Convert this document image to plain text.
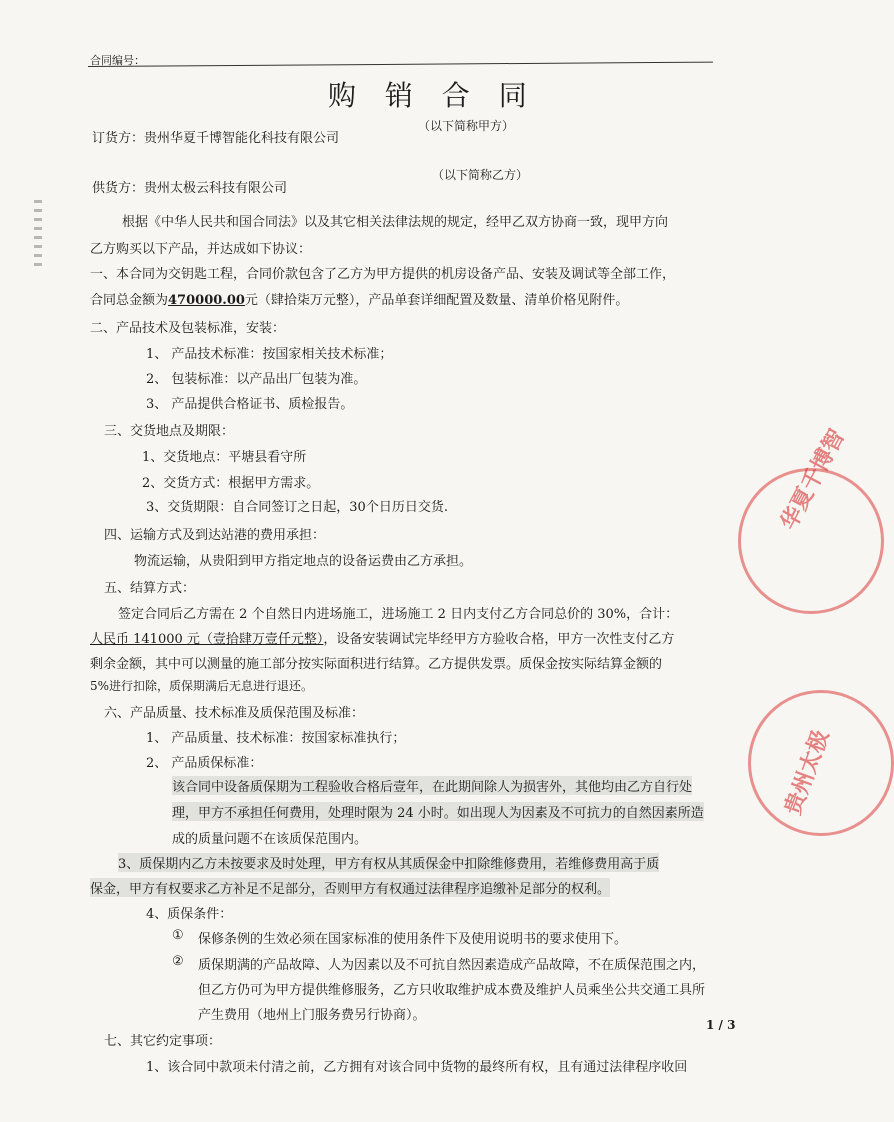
合同编号：
购 销 合 同
订货方： 贵州华夏千博智能化科技有限公司
（以下简称甲方）
供货方： 贵州太极云科技有限公司
（以下简称乙方）
根据《中华人民共和国合同法》以及其它相关法律法规的规定，经甲乙双方协商一致，现甲方向
乙方购买以下产品，并达成如下协议：
一、本合同为交钥匙工程，合同价款包含了乙方为甲方提供的机房设备产品、安装及调试等全部工作，
合同总金额为470000.00元（肆拾柒万元整），产品单套详细配置及数量、清单价格见附件。
二、产品技术及包装标准，安装：
1、 产品技术标准：按国家相关技术标准；
2、 包装标准：以产品出厂包装为准。
3、 产品提供合格证书、质检报告。
三、交货地点及期限：
1、交货地点：平塘县看守所
2、交货方式：根据甲方需求。
3、交货期限：自合同签订之日起，30个日历日交货.
四、运输方式及到达站港的费用承担：
物流运输，从贵阳到甲方指定地点的设备运费由乙方承担。
五、结算方式：
签定合同后乙方需在 2 个自然日内进场施工，进场施工 2 日内支付乙方合同总价的 30%，合计：
人民币 141000 元（壹拾肆万壹仟元整），设备安装调试完毕经甲方方验收合格，甲方一次性支付乙方
剩余金额，其中可以测量的施工部分按实际面积进行结算。乙方提供发票。质保金按实际结算金额的
5%进行扣除，质保期满后无息进行退还。
六、产品质量、技术标准及质保范围及标准：
1、 产品质量、技术标准：按国家标准执行；
2、 产品质保标准：
该合同中设备质保期为工程验收合格后壹年，在此期间除人为损害外，其他均由乙方自行处
理，甲方不承担任何费用，处理时限为 24 小时。如出现人为因素及不可抗力的自然因素所造
成的质量问题不在该质保范围内。
3、质保期内乙方未按要求及时处理，甲方有权从其质保金中扣除维修费用，若维修费用高于质
保金，甲方有权要求乙方补足不足部分，否则甲方有权通过法律程序追缴补足部分的权利。
4、质保条件：
① 保修条例的生效必须在国家标准的使用条件下及使用说明书的要求使用下。
② 质保期满的产品故障、人为因素以及不可抗自然因素造成产品故障，不在质保范围之内，
但乙方仍可为甲方提供维修服务，乙方只收取维护成本费及维护人员乘坐公共交通工具所
产生费用（地州上门服务费另行协商）。
七、其它约定事项：
1、该合同中款项未付清之前，乙方拥有对该合同中货物的最终所有权，且有通过法律程序收回
1 / 3
华夏千博智
贵州太极
